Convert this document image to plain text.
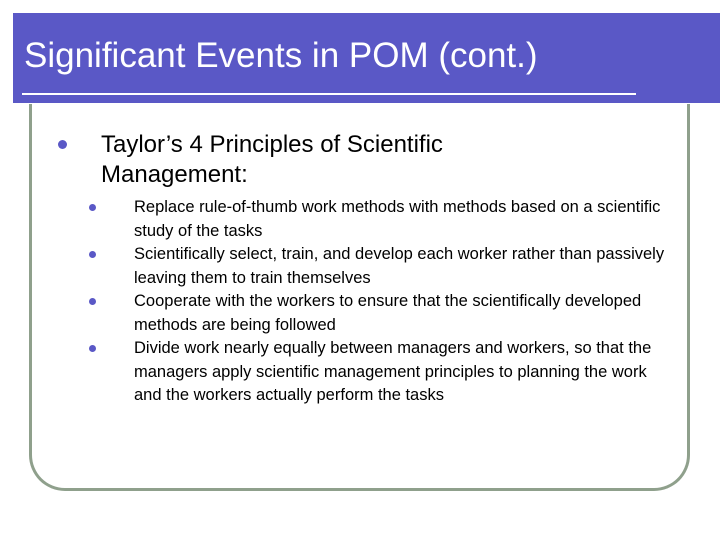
Significant Events in POM (cont.)
Taylor’s 4 Principles of Scientific Management:
Replace rule-of-thumb work methods with methods based on a scientific study of the tasks
Scientifically select, train, and develop each worker rather than passively leaving them to train themselves
Cooperate with the workers to ensure that the scientifically developed methods are being followed
Divide work nearly equally between managers and workers, so that the managers apply scientific management principles to planning the work and the workers actually perform the tasks
